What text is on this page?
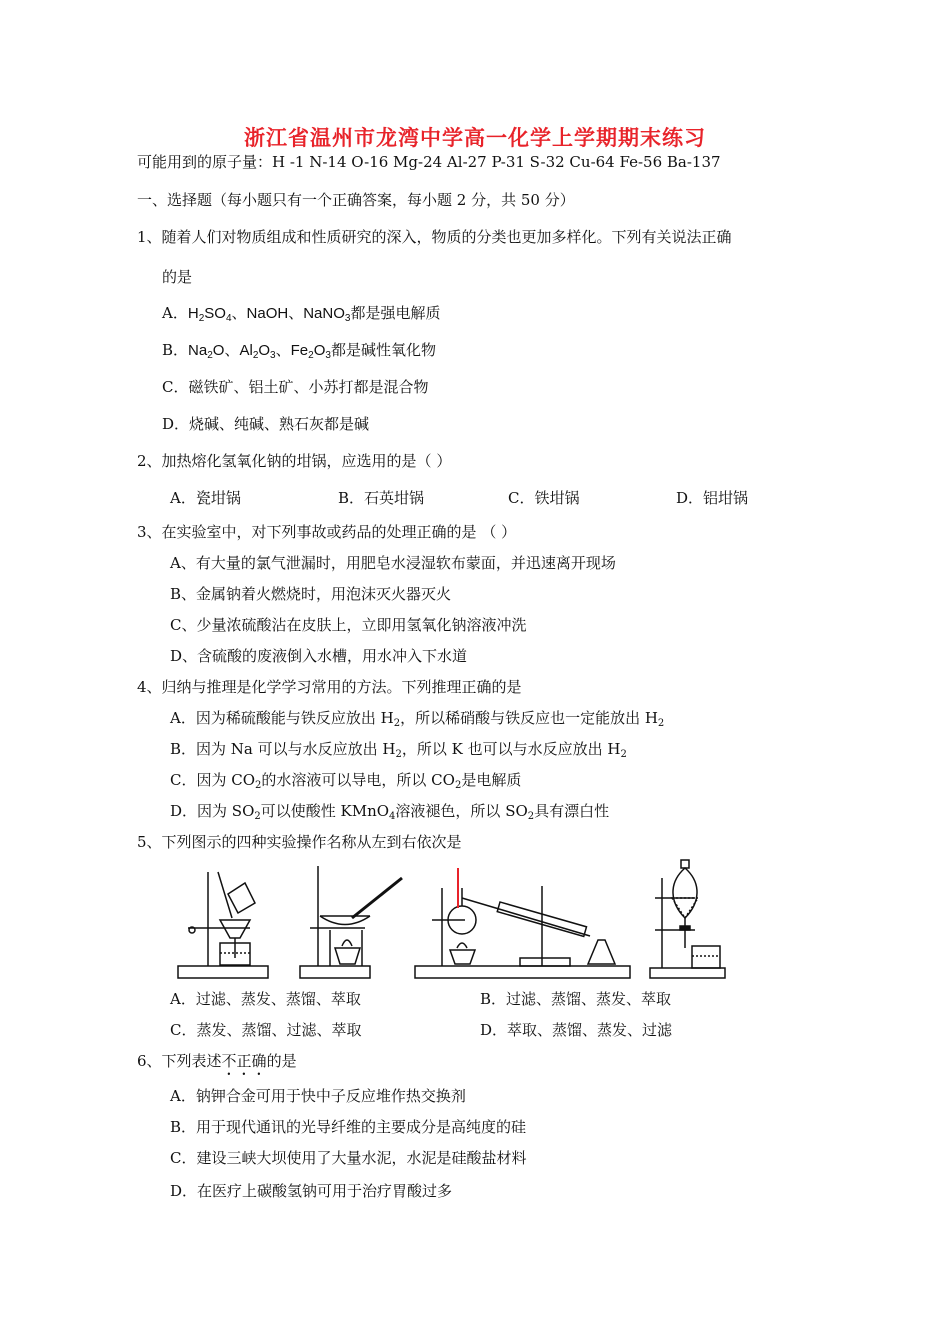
浙江省温州市龙湾中学高一化学上学期期末练习
可能用到的原子量：H -1 N-14 O-16 Mg-24 Al-27 P-31 S-32 Cu-64 Fe-56 Ba-137
一、选择题（每小题只有一个正确答案，每小题 2 分，共 50 分）
1、随着人们对物质组成和性质研究的深入，物质的分类也更加多样化。下列有关说法正确
的是
A．$H_2SO_4$、NaOH、NaNO$_3$都是强电解质
B．$Na_2O$、$Al_2O_3$、$Fe_2O_3$都是碱性氧化物
C．磁铁矿、铝土矿、小苏打都是混合物
D．烧碱、纯碱、熟石灰都是碱
2、加热熔化氢氧化钠的坩锅，应选用的是（ ）
A．瓷坩锅	B．石英坩锅	C．铁坩锅	D．铝坩锅
3、在实验室中，对下列事故或药品的处理正确的是 （ ）
A、有大量的氯气泄漏时，用肥皂水浸湿软布蒙面，并迅速离开现场
B、金属钠着火燃烧时，用泡沫灭火器灭火
C、少量浓硫酸沾在皮肤上，立即用氢氧化钠溶液冲洗
D、含硫酸的废液倒入水槽，用水冲入下水道
4、归纳与推理是化学学习常用的方法。下列推理正确的是
A．因为稀硫酸能与铁反应放出 $H_2$，所以稀硝酸与铁反应也一定能放出 $H_2$
B．因为 Na 可以与水反应放出 $H_2$，所以 K 也可以与水反应放出 $H_2$
C．因为 $CO_2$的水溶液可以导电，所以 $CO_2$是电解质
D．因为 $SO_2$可以使酸性 KMnO$_4$溶液褪色，所以 $SO_2$具有漂白性
5、下列图示的四种实验操作名称从左到右依次是
A．过滤、蒸发、蒸馏、萃取	B．过滤、蒸馏、蒸发、萃取
C．蒸发、蒸馏、过滤、萃取	D．萃取、蒸馏、蒸发、过滤
6、下列表述不正确的是
A．钠钾合金可用于快中子反应堆作热交换剂
B．用于现代通讯的光导纤维的主要成分是高纯度的硅
C．建设三峡大坝使用了大量水泥，水泥是硅酸盐材料
D．在医疗上碳酸氢钠可用于治疗胃酸过多
